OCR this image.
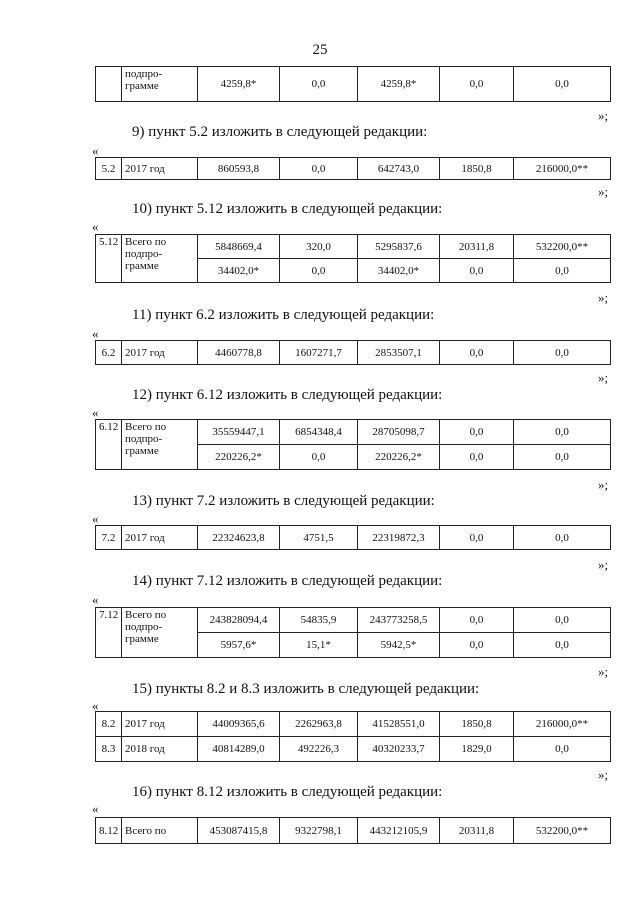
25
	подпро-
грамме	4259,8*	0,0	4259,8*	0,0	0,0
»;
9) пункт 5.2 изложить в следующей редакции:
«
5.2	2017 год	860593,8	0,0	642743,0	1850,8	216000,0**
»;
10) пункт 5.12 изложить в следующей редакции:
«
5.12	Всего по
подпро-
грамме	5848669,4	320,0	5295837,6	20311,8	532200,0**
		34402,0*	0,0	34402,0*	0,0	0,0
»;
11) пункт 6.2 изложить в следующей редакции:
«
6.2	2017 год	4460778,8	1607271,7	2853507,1	0,0	0,0
»;
12) пункт 6.12 изложить в следующей редакции:
«
6.12	Всего по
подпро-
грамме	35559447,1	6854348,4	28705098,7	0,0	0,0
		220226,2*	0,0	220226,2*	0,0	0,0
»;
13) пункт 7.2 изложить в следующей редакции:
«
7.2	2017 год	22324623,8	4751,5	22319872,3	0,0	0,0
»;
14) пункт 7.12 изложить в следующей редакции:
«
7.12	Всего по
подпро-
грамме	243828094,4	54835,9	243773258,5	0,0	0,0
		5957,6*	15,1*	5942,5*	0,0	0,0
»;
15) пункты 8.2 и 8.3 изложить в следующей редакции:
«
8.2	2017 год	44009365,6	2262963,8	41528551,0	1850,8	216000,0**
8.3	2018 год	40814289,0	492226,3	40320233,7	1829,0	0,0
»;
16) пункт 8.12 изложить в следующей редакции:
«
8.12	Всего по	453087415,8	9322798,1	443212105,9	20311,8	532200,0**
